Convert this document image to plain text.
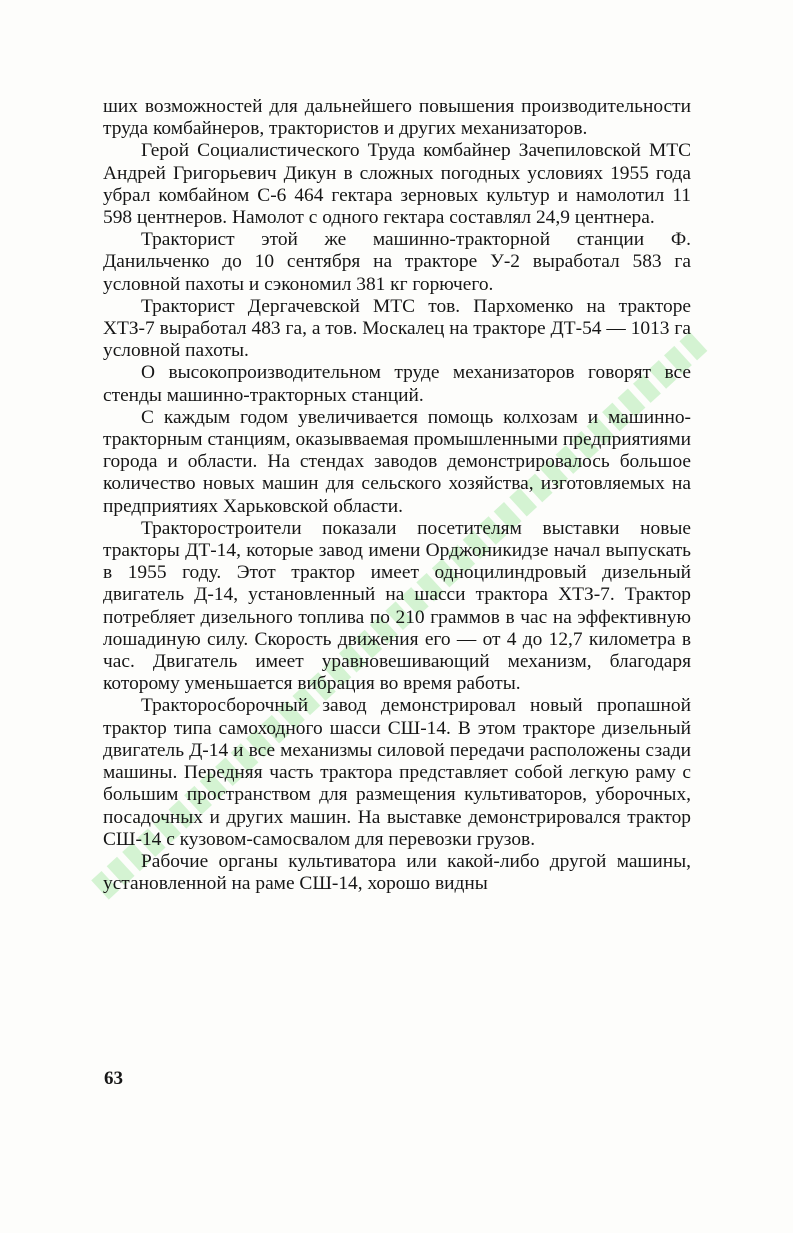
ших возможностей для дальнейшего повышения производительности труда комбайнеров, трактористов и других механизаторов.

Герой Социалистического Труда комбайнер Зачепиловской МТС Андрей Григорьевич Дикун в сложных погодных условиях 1955 года убрал комбайном С-6 464 гектара зерновых культур и намолотил 11 598 центнеров. Намолот с одного гектара составлял 24,9 центнера.

Тракторист этой же машинно-тракторной станции Ф. Данильченко до 10 сентября на тракторе У-2 выработал 583 га условной пахоты и сэкономил 381 кг горючего.

Тракторист Дергачевской МТС тов. Пархоменко на тракторе ХТЗ-7 выработал 483 га, а тов. Москалец на тракторе ДТ-54 — 1013 га условной пахоты.

О высокопроизводительном труде механизаторов говорят все стенды машинно-тракторных станций.

С каждым годом увеличивается помощь колхозам и машинно-тракторным станциям, оказывваемая промышленными предприятиями города и области. На стендах заводов демонстрировалось большое количество новых машин для сельского хозяйства, изготовляемых на предприятиях Харьковской области.

Тракторостроители показали посетителям выставки новые тракторы ДТ-14, которые завод имени Орджоникидзе начал выпускать в 1955 году. Этот трактор имеет одноцилиндровый дизельный двигатель Д-14, установленный на шасси трактора ХТЗ-7. Трактор потребляет дизельного топлива по 210 граммов в час на эффективную лошадиную силу. Скорость движения его — от 4 до 12,7 километра в час. Двигатель имеет уравновешивающий механизм, благодаря которому уменьшается вибрация во время работы.

Тракторосборочный завод демонстрировал новый пропашной трактор типа самоходного шасси СШ-14. В этом тракторе дизельный двигатель Д-14 и все механизмы силовой передачи расположены сзади машины. Передняя часть трактора представляет собой легкую раму с большим пространством для размещения культиваторов, уборочных, посадочных и других машин. На выставке демонстрировался трактор СШ-14 с кузовом-самосвалом для перевозки грузов.

Рабочие органы культиватора или какой-либо другой машины, установленной на раме СШ-14, хорошо видны

63
